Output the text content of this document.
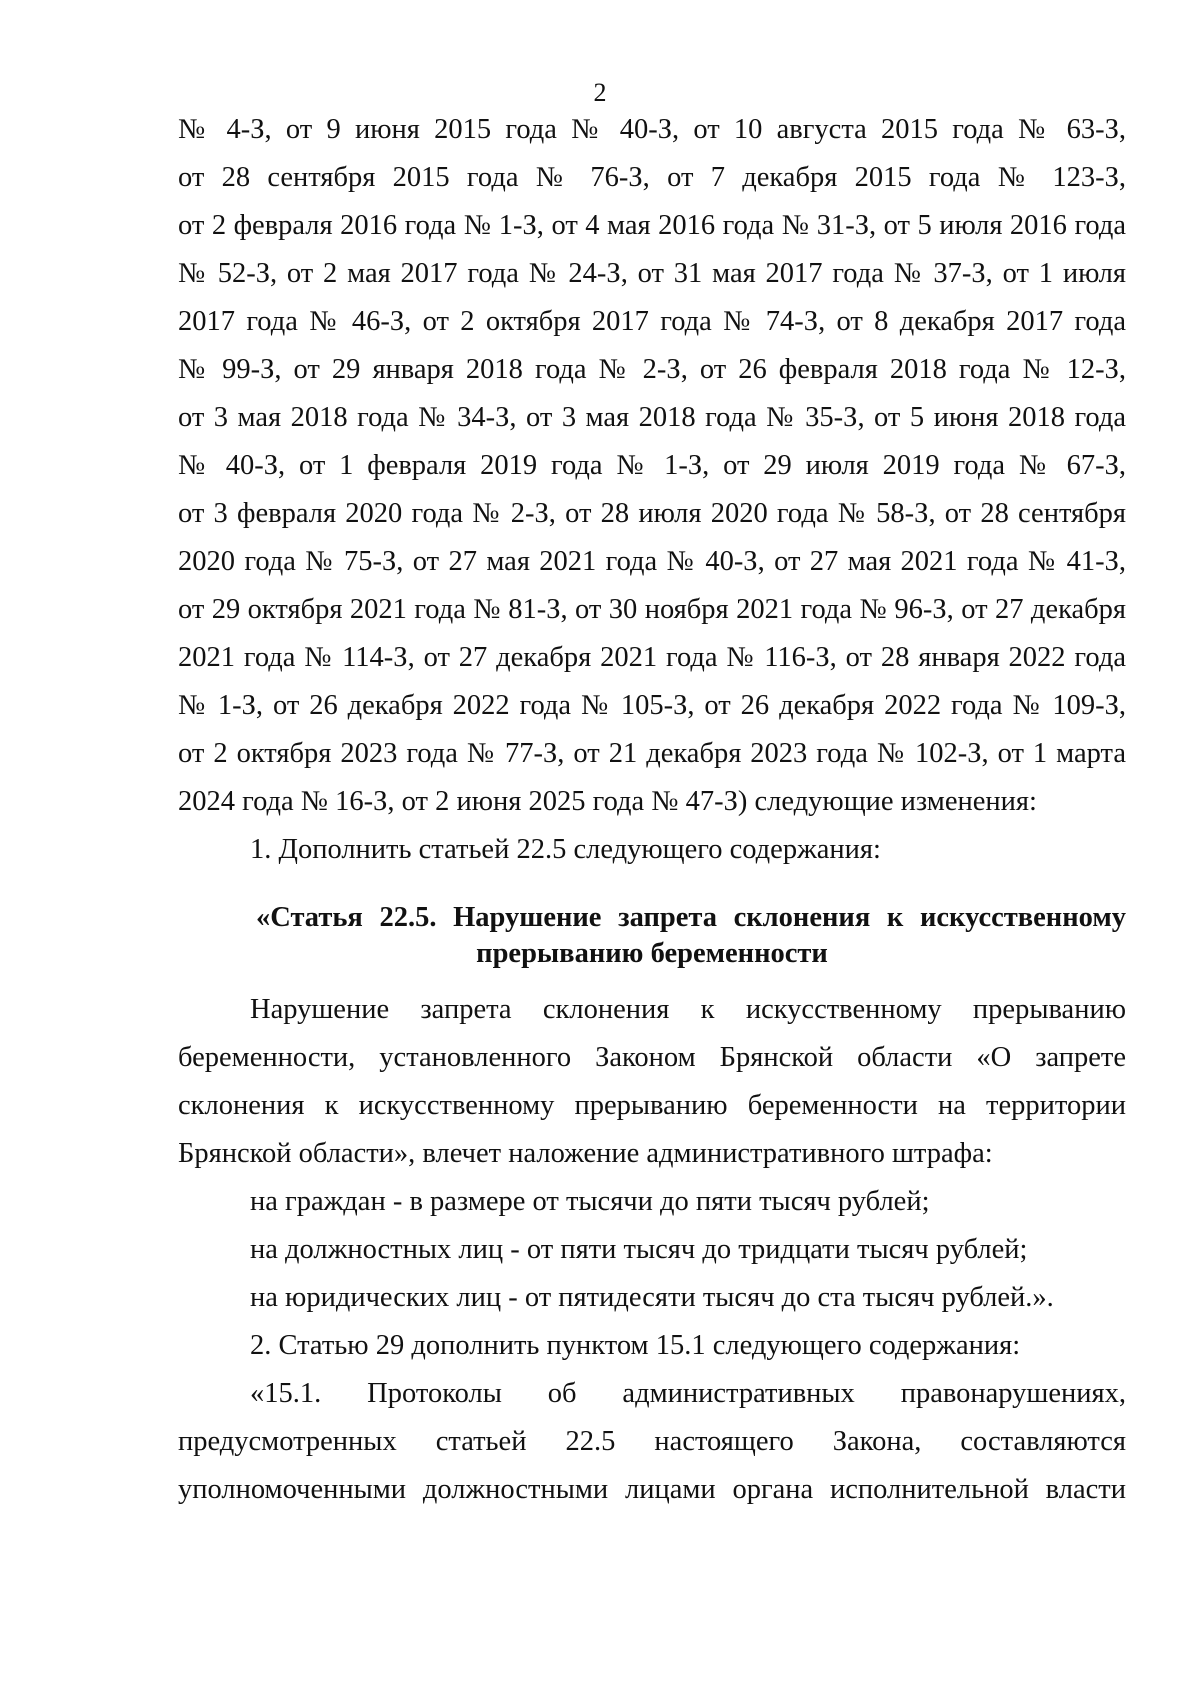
2
№ 4-З, от 9 июня 2015 года № 40-З, от 10 августа 2015 года № 63-З,
от 28 сентября 2015 года № 76-З, от 7 декабря 2015 года № 123-З,
от 2 февраля 2016 года № 1-З, от 4 мая 2016 года № 31-З, от 5 июля 2016 года
№ 52-З, от 2 мая 2017 года № 24-З, от 31 мая 2017 года № 37-З, от 1 июля
2017 года № 46-З, от 2 октября 2017 года № 74-З, от 8 декабря 2017 года
№ 99-З, от 29 января 2018 года № 2-З, от 26 февраля 2018 года № 12-З,
от 3 мая 2018 года № 34-З, от 3 мая 2018 года № 35-З, от 5 июня 2018 года
№ 40-З, от 1 февраля 2019 года № 1-З, от 29 июля 2019 года № 67-З,
от 3 февраля 2020 года № 2-З, от 28 июля 2020 года № 58-З, от 28 сентября
2020 года № 75-З, от 27 мая 2021 года № 40-З, от 27 мая 2021 года № 41-З,
от 29 октября 2021 года № 81-З, от 30 ноября 2021 года № 96-З, от 27 декабря
2021 года № 114-З, от 27 декабря 2021 года № 116-З, от 28 января 2022 года
№ 1-З, от 26 декабря 2022 года № 105-З, от 26 декабря 2022 года № 109-З,
от 2 октября 2023 года № 77-З, от 21 декабря 2023 года № 102-З, от 1 марта
2024 года № 16-З, от 2 июня 2025 года № 47-З) следующие изменения:
1. Дополнить статьей 22.5 следующего содержания:
«Статья 22.5. Нарушение запрета склонения к искусственному
прерыванию беременности
Нарушение запрета склонения к искусственному прерыванию
беременности, установленного Законом Брянской области «О запрете
склонения к искусственному прерыванию беременности на территории
Брянской области», влечет наложение административного штрафа:
на граждан - в размере от тысячи до пяти тысяч рублей;
на должностных лиц - от пяти тысяч до тридцати тысяч рублей;
на юридических лиц - от пятидесяти тысяч до ста тысяч рублей.».
2. Статью 29 дополнить пунктом 15.1 следующего содержания:
«15.1. Протоколы об административных правонарушениях,
предусмотренных статьей 22.5 настоящего Закона, составляются
уполномоченными должностными лицами органа исполнительной власти
